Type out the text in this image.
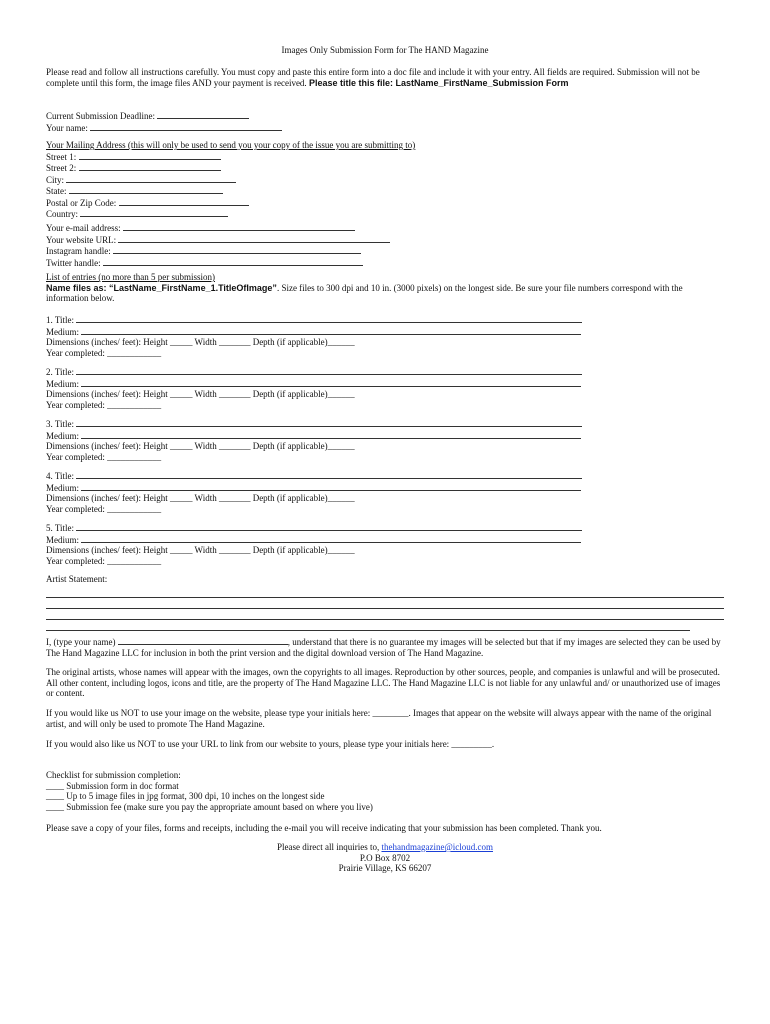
Images Only Submission Form for The HAND Magazine
Please read and follow all instructions carefully. You must copy and paste this entire form into a doc file and include it with your entry. All fields are required. Submission will not be complete until this form, the image files AND your payment is received. Please title this file: LastName_FirstName_Submission Form
Current Submission Deadline:
Your name:
Your Mailing Address (this will only be used to send you your copy of the issue you are submitting to)
Street 1:
Street 2:
City:
State:
Postal or Zip Code:
Country:
Your e-mail address:
Your website URL:
Instagram handle:
Twitter handle:
List of entries (no more than 5 per submission)
Name files as: “LastName_FirstName_1.TitleOfImage”. Size files to 300 dpi and 10 in. (3000 pixels) on the longest side. Be sure your file numbers correspond with the information below.
1. Title:
Medium:
Dimensions (inches/ feet): Height _____ Width _______ Depth (if applicable)______
Year completed: ____________
2. Title:
Medium:
Dimensions (inches/ feet): Height _____ Width _______ Depth (if applicable)______
Year completed: ____________
3. Title:
Medium:
Dimensions (inches/ feet): Height _____ Width _______ Depth (if applicable)______
Year completed: ____________
4. Title:
Medium:
Dimensions (inches/ feet): Height _____ Width _______ Depth (if applicable)______
Year completed: ____________
5. Title:
Medium:
Dimensions (inches/ feet): Height _____ Width _______ Depth (if applicable)______
Year completed: ____________
Artist Statement:
I, (type your name)	, understand that there is no guarantee my images will be selected but that if my images are selected they can be used by The Hand Magazine LLC for inclusion in both the print version and the digital download version of The Hand Magazine.
The original artists, whose names will appear with the images, own the copyrights to all images. Reproduction by other sources, people, and companies is unlawful and will be prosecuted. All other content, including logos, icons and title, are the property of The Hand Magazine LLC. The Hand Magazine LLC is not liable for any unlawful and/ or unauthorized use of images or content.
If you would like us NOT to use your image on the website, please type your initials here: ________. Images that appear on the website will always appear with the name of the original artist, and will only be used to promote The Hand Magazine.
If you would also like us NOT to use your URL to link from our website to yours, please type your initials here: _________.
Checklist for submission completion:
____ Submission form in doc format
____ Up to 5 image files in jpg format, 300 dpi, 10 inches on the longest side
____ Submission fee (make sure you pay the appropriate amount based on where you live)
Please save a copy of your files, forms and receipts, including the e-mail you will receive indicating that your submission has been completed. Thank you.
Please direct all inquiries to, thehandmagazine@icloud.com
P.O Box 8702
Prairie Village, KS 66207
